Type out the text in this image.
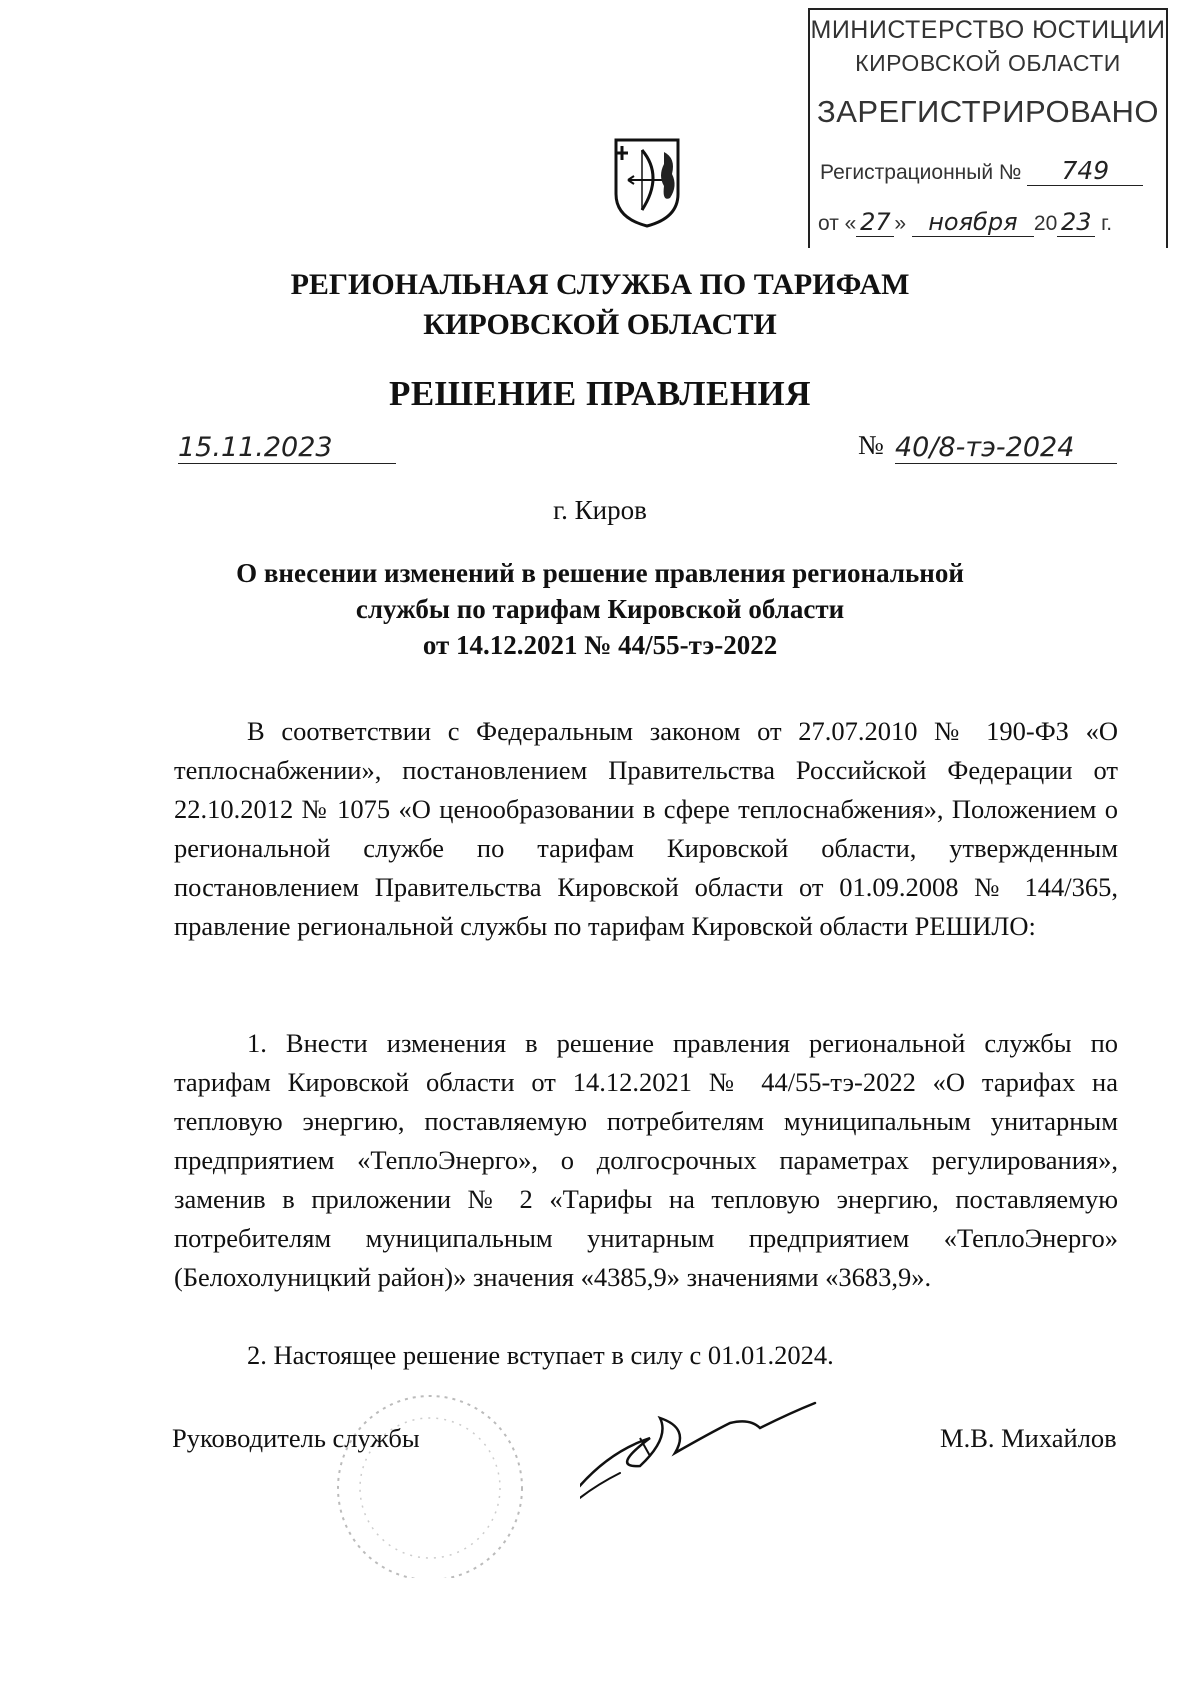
МИНИСТЕРСТВО ЮСТИЦИИ
КИРОВСКОЙ ОБЛАСТИ
ЗАРЕГИСТРИРОВАНО
Регистрационный № 749
от « 27 » ноября 20 23 г.
РЕГИОНАЛЬНАЯ СЛУЖБА ПО ТАРИФАМ
КИРОВСКОЙ ОБЛАСТИ
РЕШЕНИЕ ПРАВЛЕНИЯ
15.11.2023	№ 40/8-тэ-2024
г. Киров
О внесении изменений в решение правления региональной
службы по тарифам Кировской области
от 14.12.2021 № 44/55-тэ-2022
В соответствии с Федеральным законом от 27.07.2010 № 190-ФЗ «О теплоснабжении», постановлением Правительства Российской Федерации от 22.10.2012 № 1075 «О ценообразовании в сфере теплоснабжения», Положением о региональной службе по тарифам Кировской области, утвержденным постановлением Правительства Кировской области от 01.09.2008 № 144/365, правление региональной службы по тарифам Кировской области РЕШИЛО:
1. Внести изменения в решение правления региональной службы по тарифам Кировской области от 14.12.2021 № 44/55-тэ-2022 «О тарифах на тепловую энергию, поставляемую потребителям муниципальным унитарным предприятием «ТеплоЭнерго», о долгосрочных параметрах регулирования», заменив в приложении № 2 «Тарифы на тепловую энергию, поставляемую потребителям муниципальным унитарным предприятием «ТеплоЭнерго» (Белохолуницкий район)» значения «4385,9» значениями «3683,9».
2. Настоящее решение вступает в силу с 01.01.2024.
Руководитель службы	М.В. Михайлов
